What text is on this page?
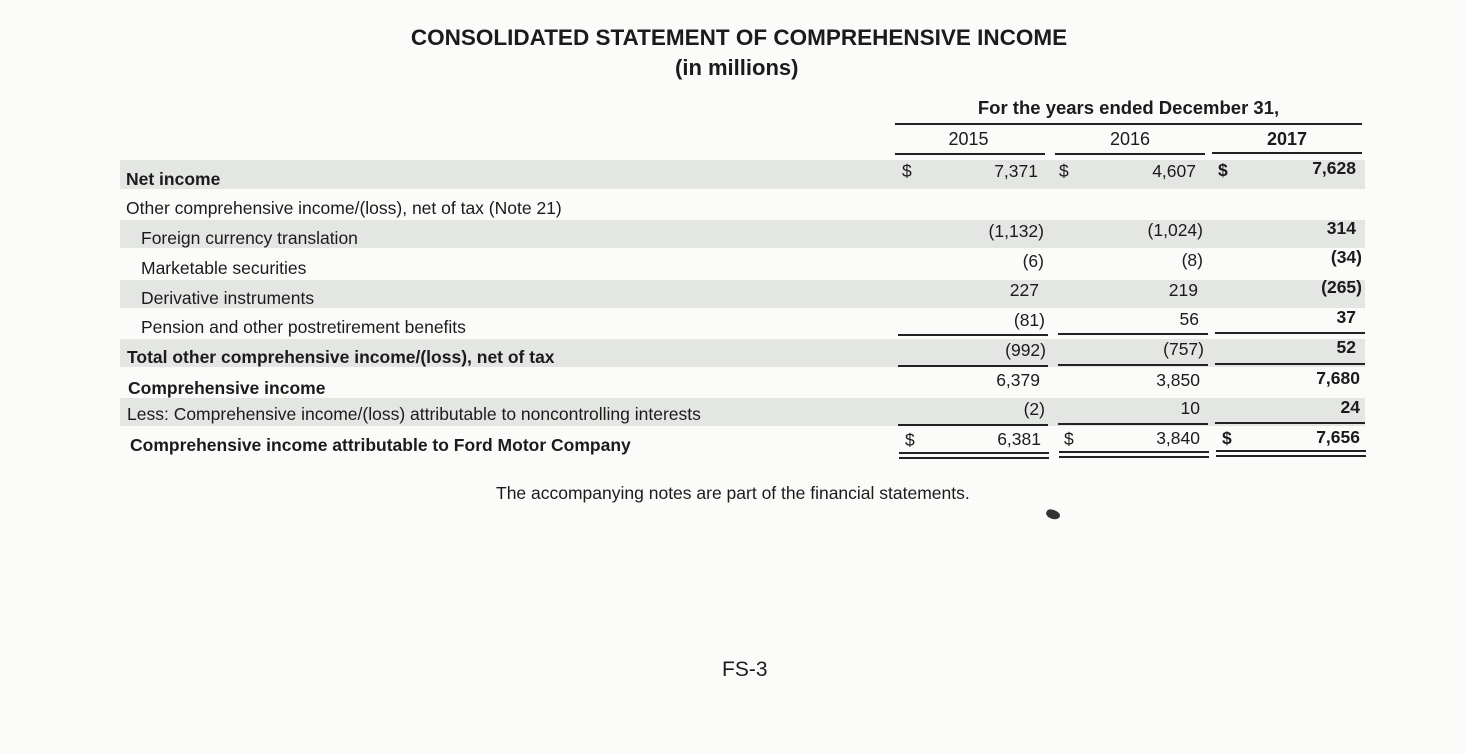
CONSOLIDATED STATEMENT OF COMPREHENSIVE INCOME
(in millions)
For the years ended December 31,
2015	2016	2017
Net income	$	7,371 $	4,607 $	7,628
Other comprehensive income/(loss), net of tax (Note 21)
Foreign currency translation	(1,132)	(1,024)	314
Marketable securities	(6)	(8)	(34)
Derivative instruments	227	219	(265)
Pension and other postretirement benefits	(81)	56	37
Total other comprehensive income/(loss), net of tax	(992)	(757)	52
Comprehensive income	6,379	3,850	7,680
Less: Comprehensive income/(loss) attributable to noncontrolling interests	(2)	10	24
Comprehensive income attributable to Ford Motor Company	$	6,381 $	3,840 $	7,656
The accompanying notes are part of the financial statements.
FS-3
